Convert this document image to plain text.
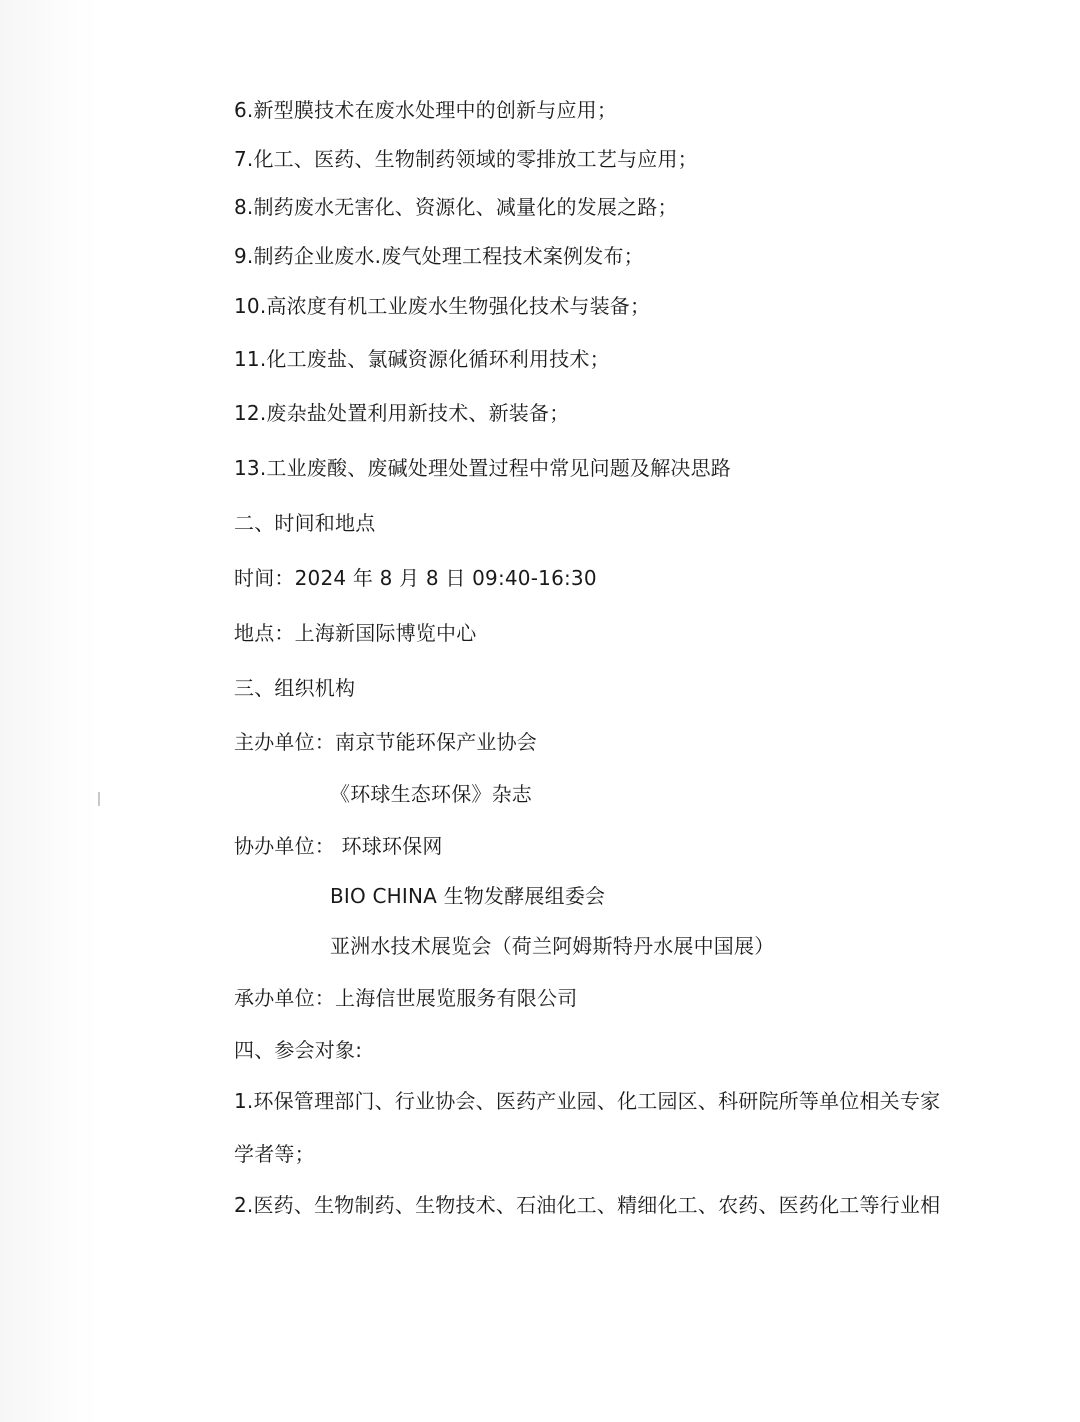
6.新型膜技术在废水处理中的创新与应用；
7.化工、医药、生物制药领域的零排放工艺与应用；
8.制药废水无害化、资源化、减量化的发展之路；
9.制药企业废水.废气处理工程技术案例发布；
10.高浓度有机工业废水生物强化技术与装备；
11.化工废盐、氯碱资源化循环利用技术；
12.废杂盐处置利用新技术、新装备；
13.工业废酸、废碱处理处置过程中常见问题及解决思路
二、时间和地点
时间：2024 年 8 月 8 日 09:40-16:30
地点：上海新国际博览中心
三、组织机构
主办单位：南京节能环保产业协会
《环球生态环保》杂志
协办单位： 环球环保网
BIO CHINA 生物发酵展组委会
亚洲水技术展览会（荷兰阿姆斯特丹水展中国展）
承办单位：上海信世展览服务有限公司
四、参会对象:
1.环保管理部门、行业协会、医药产业园、化工园区、科研院所等单位相关专家
学者等；
2.医药、生物制药、生物技术、石油化工、精细化工、农药、医药化工等行业相
